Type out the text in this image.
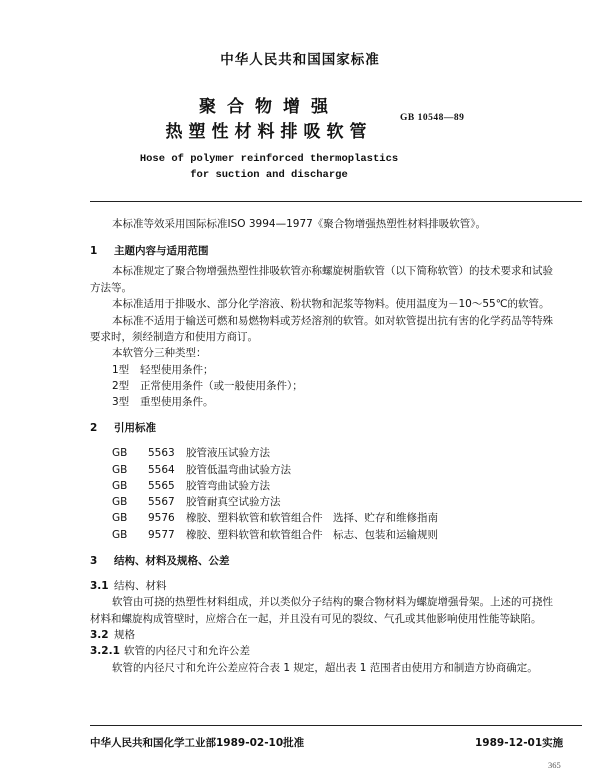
中华人民共和国国家标准
聚合物增强
热塑性材料排吸软管
GB 10548—89
Hose of polymer reinforced thermoplastics
for suction and discharge
本标准等效采用国际标准ISO 3994—1977《聚合物增强热塑性材料排吸软管》。
1 主题内容与适用范围
本标准规定了聚合物增强热塑性排吸软管亦称螺旋树脂软管（以下简称软管）的技术要求和试验
方法等。
本标准适用于排吸水、部分化学溶液、粉状物和泥浆等物料。使用温度为－10～55℃的软管。
本标准不适用于输送可燃和易燃物料或芳烃溶剂的软管。如对软管提出抗有害的化学药品等特殊
要求时，须经制造方和使用方商订。
本软管分三种类型：
1型 轻型使用条件；
2型 正常使用条件（或一般使用条件）；
3型 重型使用条件。
2 引用标准
GB 5563 胶管液压试验方法
GB 5564 胶管低温弯曲试验方法
GB 5565 胶管弯曲试验方法
GB 5567 胶管耐真空试验方法
GB 9576 橡胶、塑料软管和软管组合件　选择、贮存和维修指南
GB 9577 橡胶、塑料软管和软管组合件　标志、包装和运输规则
3 结构、材料及规格、公差
3.1 结构、材料
软管由可挠的热塑性材料组成，并以类似分子结构的聚合物材料为螺旋增强骨架。上述的可挠性
材料和螺旋构成管壁时，应熔合在一起，并且没有可见的裂纹、气孔或其他影响使用性能等缺陷。
3.2 规格
3.2.1 软管的内径尺寸和允许公差
软管的内径尺寸和允许公差应符合表 1 规定，超出表 1 范围者由使用方和制造方协商确定。
中华人民共和国化学工业部1989-02-10批准	1989-12-01实施
365
